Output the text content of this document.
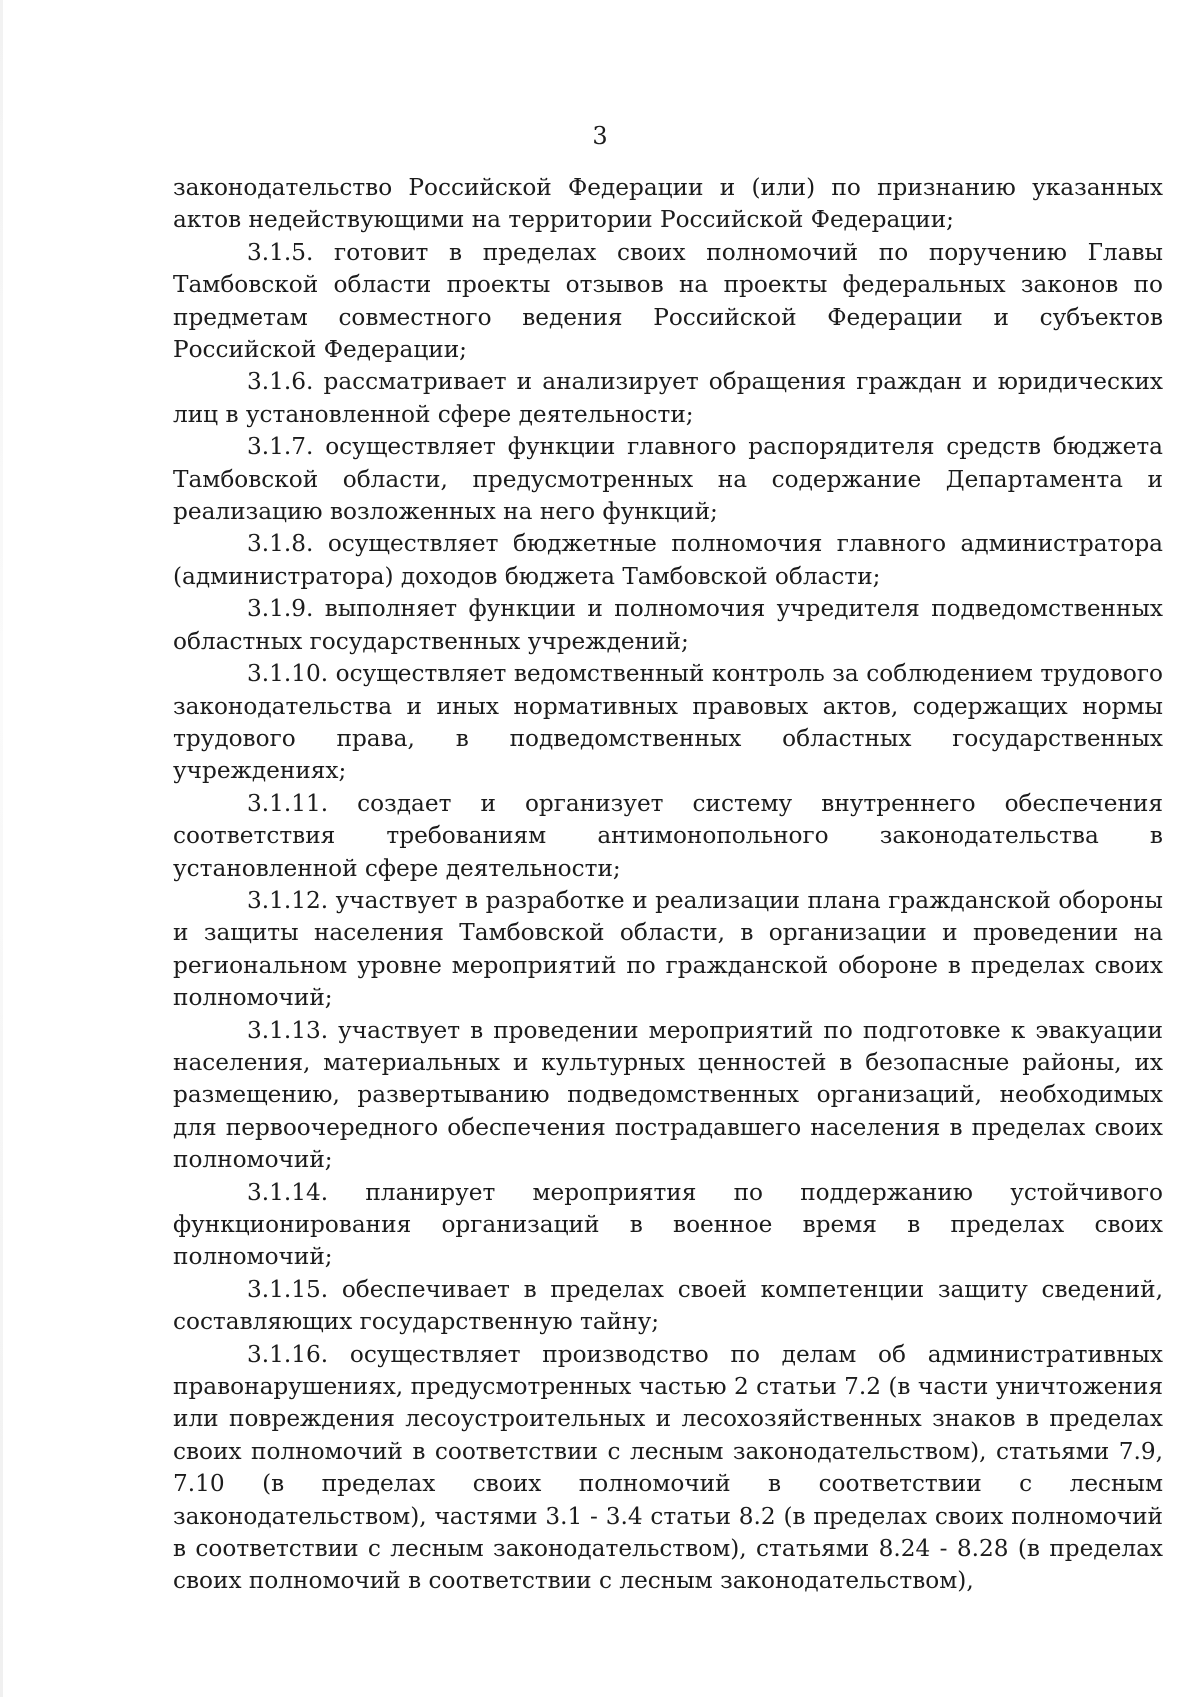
3

законодательство Российской Федерации и (или) по признанию указанных актов недействующими на территории Российской Федерации;

3.1.5. готовит в пределах своих полномочий по поручению Главы Тамбовской области проекты отзывов на проекты федеральных законов по предметам совместного ведения Российской Федерации и субъектов Российской Федерации;

3.1.6. рассматривает и анализирует обращения граждан и юридических лиц в установленной сфере деятельности;

3.1.7. осуществляет функции главного распорядителя средств бюджета Тамбовской области, предусмотренных на содержание Департамента и реализацию возложенных на него функций;

3.1.8. осуществляет бюджетные полномочия главного администратора (администратора) доходов бюджета Тамбовской области;

3.1.9. выполняет функции и полномочия учредителя подведомственных областных государственных учреждений;

3.1.10. осуществляет ведомственный контроль за соблюдением трудового законодательства и иных нормативных правовых актов, содержащих нормы трудового права, в подведомственных областных государственных учреждениях;

3.1.11. создает и организует систему внутреннего обеспечения соответствия требованиям антимонопольного законодательства в установленной сфере деятельности;

3.1.12. участвует в разработке и реализации плана гражданской обороны и защиты населения Тамбовской области, в организации и проведении на региональном уровне мероприятий по гражданской обороне в пределах своих полномочий;

3.1.13. участвует в проведении мероприятий по подготовке к эвакуации населения, материальных и культурных ценностей в безопасные районы, их размещению, развертыванию подведомственных организаций, необходимых для первоочередного обеспечения пострадавшего населения в пределах своих полномочий;

3.1.14. планирует мероприятия по поддержанию устойчивого функционирования организаций в военное время в пределах своих полномочий;

3.1.15. обеспечивает в пределах своей компетенции защиту сведений, составляющих государственную тайну;

3.1.16. осуществляет производство по делам об административных правонарушениях, предусмотренных частью 2 статьи 7.2 (в части уничтожения или повреждения лесоустроительных и лесохозяйственных знаков в пределах своих полномочий в соответствии с лесным законодательством), статьями 7.9, 7.10 (в пределах своих полномочий в соответствии с лесным законодательством), частями 3.1 - 3.4 статьи 8.2 (в пределах своих полномочий в соответствии с лесным законодательством), статьями 8.24 - 8.28 (в пределах своих полномочий в соответствии с лесным законодательством),
